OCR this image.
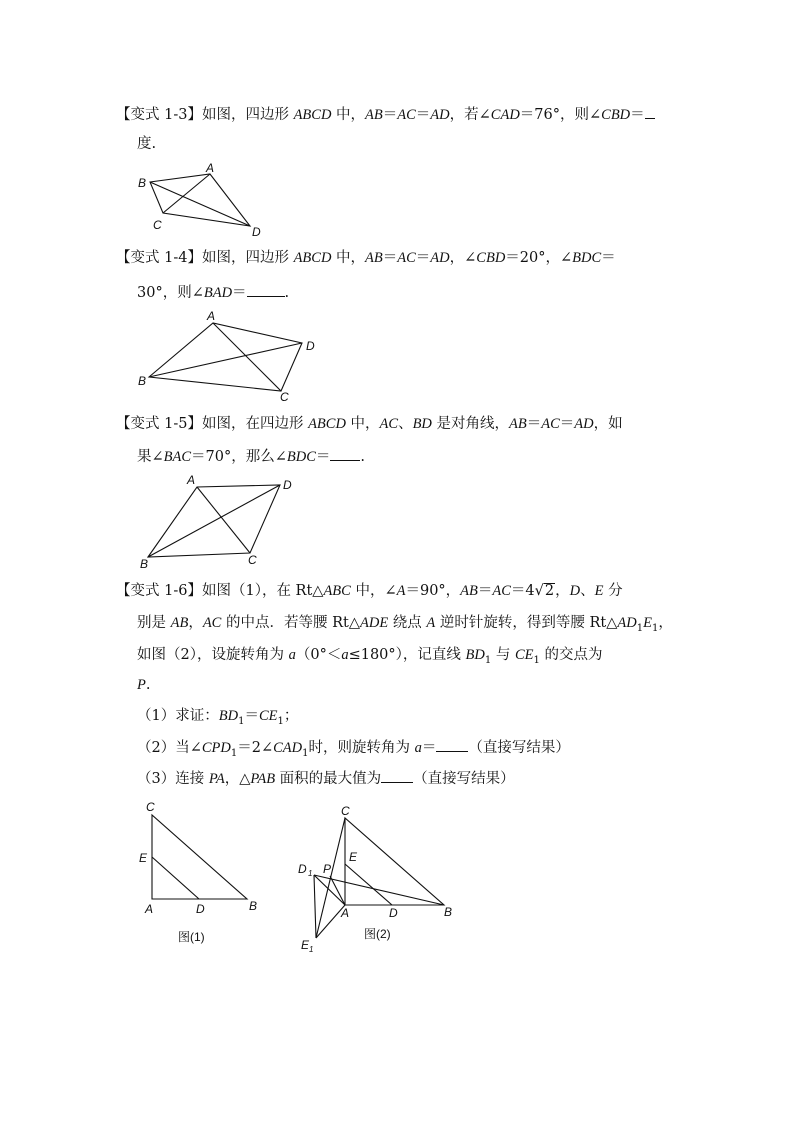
【变式 1-3】如图，四边形 ABCD 中，AB＝AC＝AD，若∠CAD＝76°，则∠CBD＝
度.
A
B
C	D
【变式 1-4】如图，四边形 ABCD 中，AB＝AC＝AD，∠CBD＝20°，∠BDC＝
30°，则∠BAD＝	.
A
B
C
D
【变式 1-5】如图，在四边形 ABCD 中，AC、BD 是对角线，AB＝AC＝AD，如
果∠BAC＝70°，那么∠BDC＝ .
A
B	C
D
【变式 1-6】如图（1），在 Rt△ABC 中，∠A＝90°，AB＝AC＝4√2，D、E 分
别是 AB，AC 的中点．若等腰 Rt△ADE 绕点 A 逆时针旋转，得到等腰 $Rt\triangle AD_1E_1$，
如图（2），设旋转角为 a（0°＜a≤180°），记直线 $BD_1$ 与 $CE_1$ 的交点为
P.
（1）求证：$BD_1=CE_1$；
（2）当$\angle CPD_1=2\angle CAD_1$时，则旋转角为 a＝ （直接写结果）
（3）连接 PA，△PAB 面积的最大值为 （直接写结果）
C
E
A	D	B
图(1)
C
E
D 1 P
A	D	B
E 1
图(2)
